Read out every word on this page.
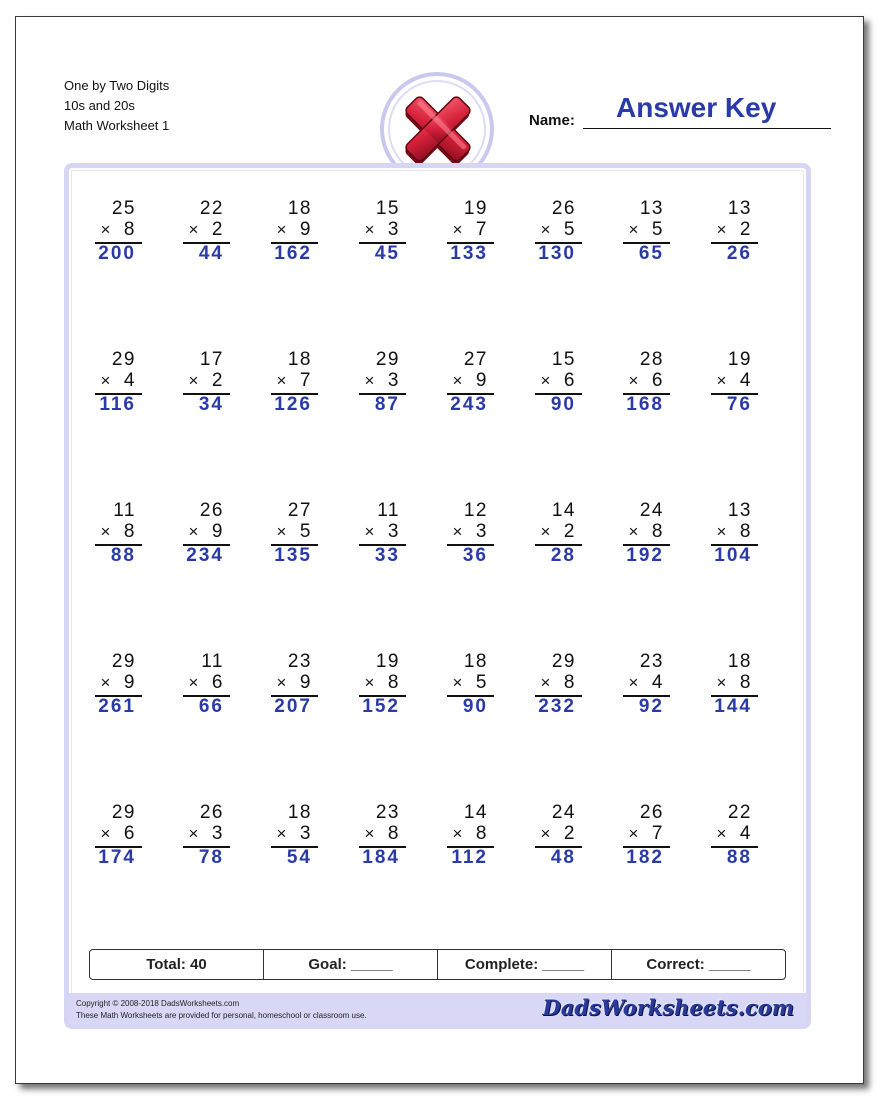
One by Two Digits
10s and 20s
Math Worksheet 1	Name: Answer Key
25
× 8
200
22
× 2
44
18
× 9
162
15
× 3
45
19
× 7
133
26
× 5
130
13
× 5
65
13
× 2
26
29
× 4
116
17
× 2
34
18
× 7
126
29
× 3
87
27
× 9
243
15
× 6
90
28
× 6
168
19
× 4
76
11
× 8
88
26
× 9
234
27
× 5
135
11
× 3
33
12
× 3
36
14
× 2
28
24
× 8
192
13
× 8
104
29
× 9
261
11
× 6
66
23
× 9
207
19
× 8
152
18
× 5
90
29
× 8
232
23
× 4
92
18
× 8
144
29
× 6
174
26
× 3
78
18
× 3
54
23
× 8
184
14
× 8
112
24
× 2
48
26
× 7
182
22
× 4
88
Total: 40	Goal: _____	Complete: _____	Correct: _____
Copyright © 2008-2018 DadsWorksheets.com
These Math Worksheets are provided for personal, homeschool or classroom use.	DadsWorksheets.com
